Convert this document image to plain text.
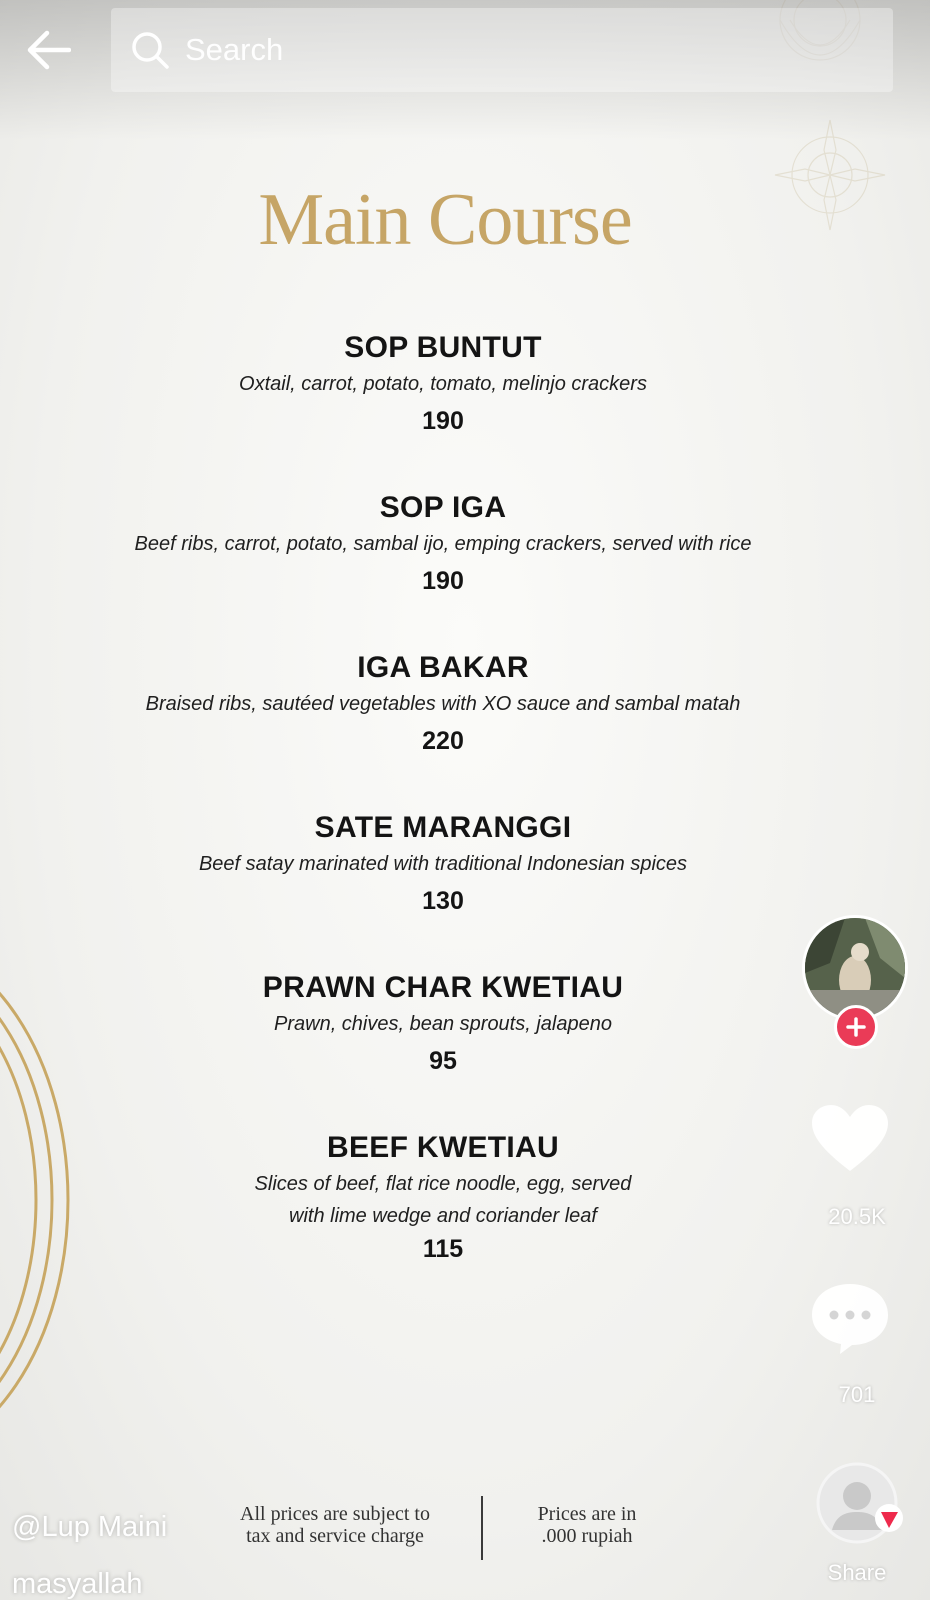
Search
Main Course
SOP BUNTUT
Oxtail, carrot, potato, tomato, melinjo crackers
190
SOP IGA
Beef ribs, carrot, potato, sambal ijo, emping crackers, served with rice
190
IGA BAKAR
Braised ribs, sautéed vegetables with XO sauce and sambal matah
220
SATE MARANGGI
Beef satay marinated with traditional Indonesian spices
130
PRAWN CHAR KWETIAU
Prawn, chives, bean sprouts, jalapeno
95
BEEF KWETIAU
Slices of beef, flat rice noodle, egg, served
with lime wedge and coriander leaf
115
All prices are subject to
tax and service charge
Prices are in
.000 rupiah
20.5K
701
Share
@Lup Maini
masyallah
